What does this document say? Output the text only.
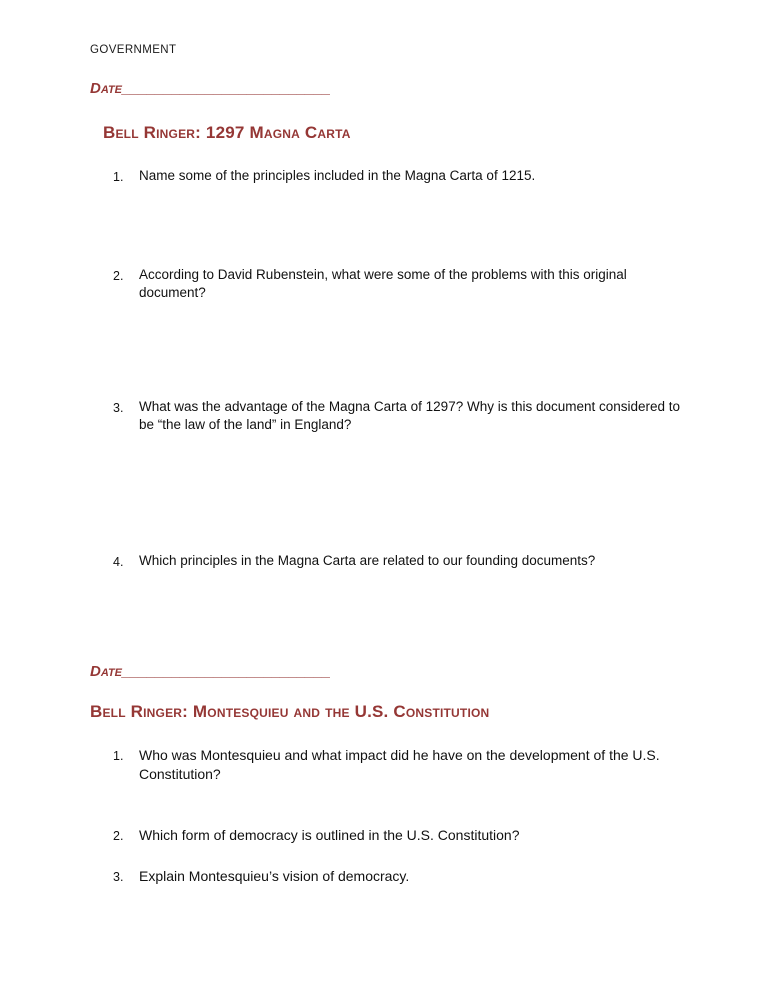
GOVERNMENT
Date_________________________
Bell Ringer: 1297 Magna Carta
1.	Name some of the principles included in the Magna Carta of 1215.
2.	According to David Rubenstein, what were some of the problems with this original document?
3.	What was the advantage of the Magna Carta of 1297? Why is this document considered to be “the law of the land” in England?
4.	Which principles in the Magna Carta are related to our founding documents?
Date_________________________
Bell Ringer: Montesquieu and the U.S. Constitution
1.	Who was Montesquieu and what impact did he have on the development of the U.S. Constitution?
2.	Which form of democracy is outlined in the U.S. Constitution?
3.	Explain Montesquieu’s vision of democracy.
